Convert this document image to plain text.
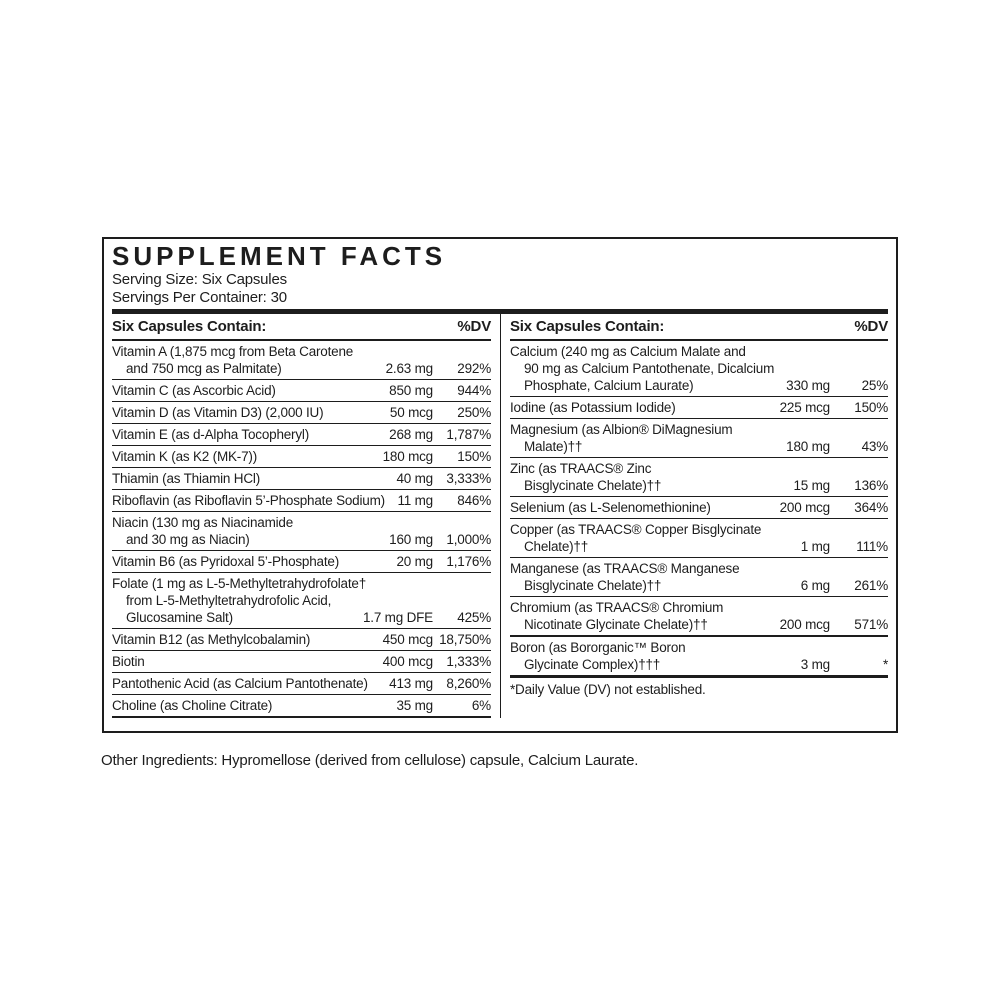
SUPPLEMENT FACTS
Serving Size: Six Capsules
Servings Per Container: 30
Six Capsules Contain:	%DV
Vitamin A (1,875 mcg from Beta Carotene
and 750 mcg as Palmitate)	2.63 mg	292%
Vitamin C (as Ascorbic Acid)	850 mg	944%
Vitamin D (as Vitamin D3) (2,000 IU)	50 mcg	250%
Vitamin E (as d-Alpha Tocopheryl)	268 mg 1,787%
Vitamin K (as K2 (MK-7))	180 mcg	150%
Thiamin (as Thiamin HCl)	40 mg 3,333%
Riboflavin (as Riboflavin 5’-Phosphate Sodium) 11 mg	846%
Niacin (130 mg as Niacinamide
and 30 mg as Niacin)	160 mg 1,000%
Vitamin B6 (as Pyridoxal 5’-Phosphate)	20 mg 1,176%
Folate (1 mg as L-5-Methyltetrahydrofolate†
from L-5-Methyltetrahydrofolic Acid,
Glucosamine Salt)	1.7 mg DFE	425%
Vitamin B12 (as Methylcobalamin)	450 mcg 18,750%
Biotin	400 mcg 1,333%
Pantothenic Acid (as Calcium Pantothenate)	413 mg 8,260%
Choline (as Choline Citrate)	35 mg	6%
Six Capsules Contain:	%DV
Calcium (240 mg as Calcium Malate and
90 mg as Calcium Pantothenate, Dicalcium
Phosphate, Calcium Laurate)	330 mg	25%
Iodine (as Potassium Iodide)	225 mcg	150%
Magnesium (as Albion® DiMagnesium
Malate)††	180 mg	43%
Zinc (as TRAACS® Zinc
Bisglycinate Chelate)††	15 mg	136%
Selenium (as L-Selenomethionine)	200 mcg	364%
Copper (as TRAACS® Copper Bisglycinate
Chelate)††	1 mg	111%
Manganese (as TRAACS® Manganese
Bisglycinate Chelate)††	6 mg	261%
Chromium (as TRAACS® Chromium
Nicotinate Glycinate Chelate)††	200 mcg	571%
Boron (as Bororganic™ Boron
Glycinate Complex)†††	3 mg	*
*Daily Value (DV) not established.

Other Ingredients: Hypromellose (derived from cellulose) capsule, Calcium Laurate.
